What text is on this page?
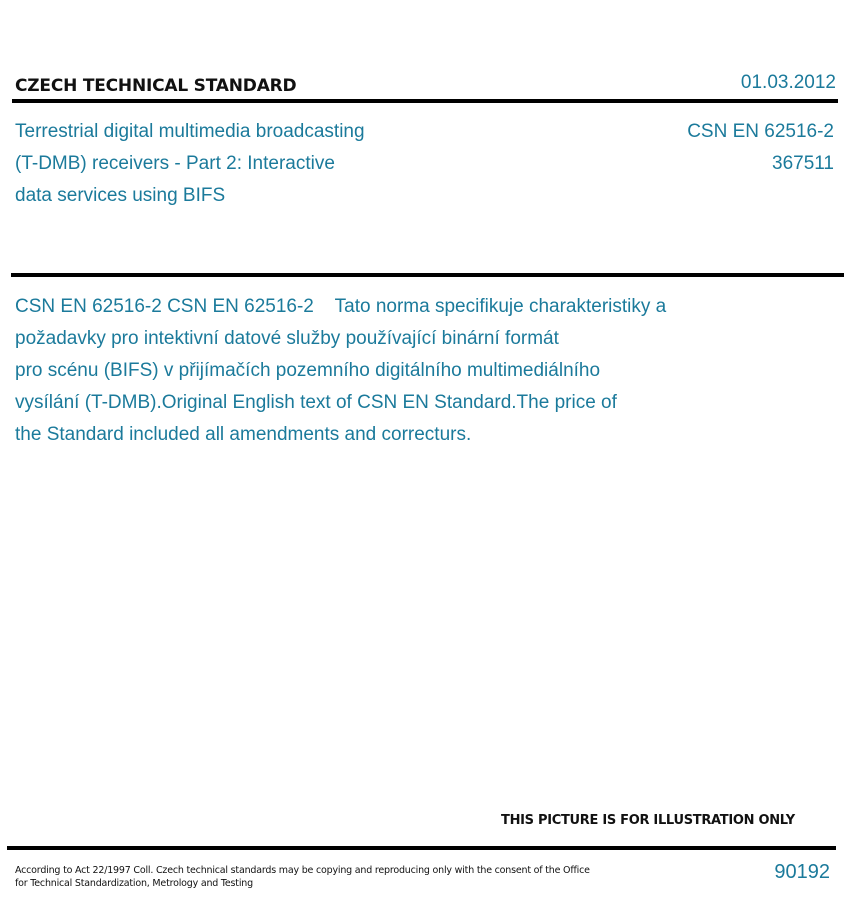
CZECH TECHNICAL STANDARD	01.03.2012
Terrestrial digital multimedia broadcasting
(T-DMB) receivers - Part 2: Interactive
data services using BIFS
CSN EN 62516-2
367511
CSN EN 62516-2 CSN EN 62516-2    Tato norma specifikuje charakteristiky a
požadavky pro intektivní datové služby používající binární formát
pro scénu (BIFS) v přijímačích pozemního digitálního multimediálního
vysílání (T-DMB).Original English text of CSN EN Standard.The price of
the Standard included all amendments and correcturs.
THIS PICTURE IS FOR ILLUSTRATION ONLY
According to Act 22/1997 Coll. Czech technical standards may be copying and reproducing only with the consent of the Office
for Technical Standardization, Metrology and Testing
90192
